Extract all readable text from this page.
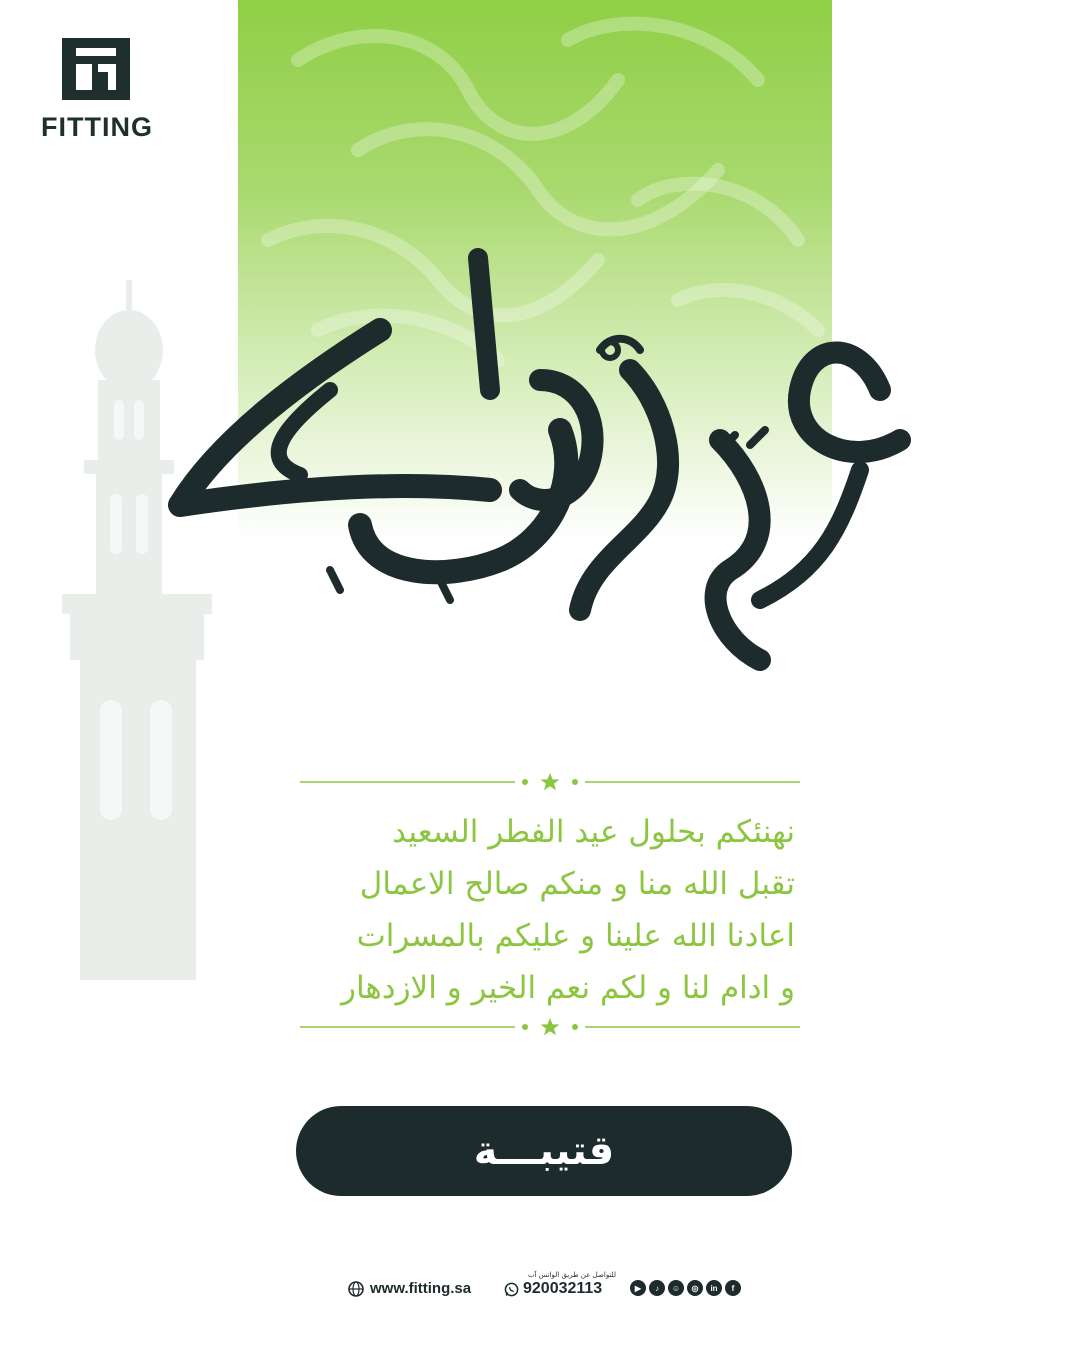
FITTING
نهنئكم بحلول عيد الفطر السعيد
تقبل الله منا و منكم صالح الاعمال
اعادنا الله علينا و عليكم بالمسرات
و ادام لنا و لكم نعم الخير و الازدهار
قتيبـــة
www.fitting.sa
للتواصل عن طريق الواتس آب
920032113	▶	♪	☺	◎	in	f
